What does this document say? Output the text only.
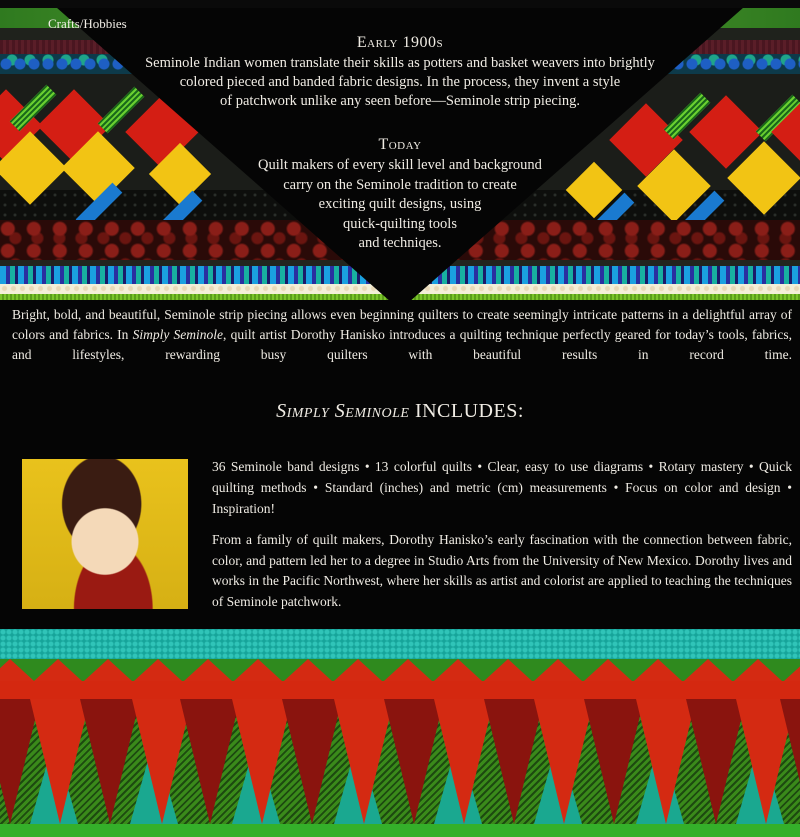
Crafts/Hobbies
Early 1900s
Seminole Indian women translate their skills as potters and basket weavers into brightly
colored pieced and banded fabric designs. In the process, they invent a style
of patchwork unlike any seen before—Seminole strip piecing.
Today
Quilt makers of every skill level and background
carry on the Seminole tradition to create
exciting quilt designs, using
quick-quilting tools
and techniqes.

Bright, bold, and beautiful, Seminole strip piecing allows even beginning quilters to create seemingly intricate patterns in a delightful array of colors and fabrics. In Simply Seminole, quilt artist Dorothy Hanisko introduces a quilting technique perfectly geared for today’s tools, fabrics, and lifestyles, rewarding busy quilters with beautiful results in record time.

Simply Seminole INCLUDES:
36 Seminole band designs • 13 colorful quilts • Clear, easy to use diagrams • Rotary mastery • Quick quilting methods • Standard (inches) and metric (cm) measurements • Focus on color and design • Inspiration!
From a family of quilt makers, Dorothy Hanisko’s early fascination with the connection between fabric, color, and pattern led her to a degree in Studio Arts from the University of New Mexico. Dorothy lives and works in the Pacific Northwest, where her skills as artist and colorist are applied to teaching the techniques of Seminole patchwork.
